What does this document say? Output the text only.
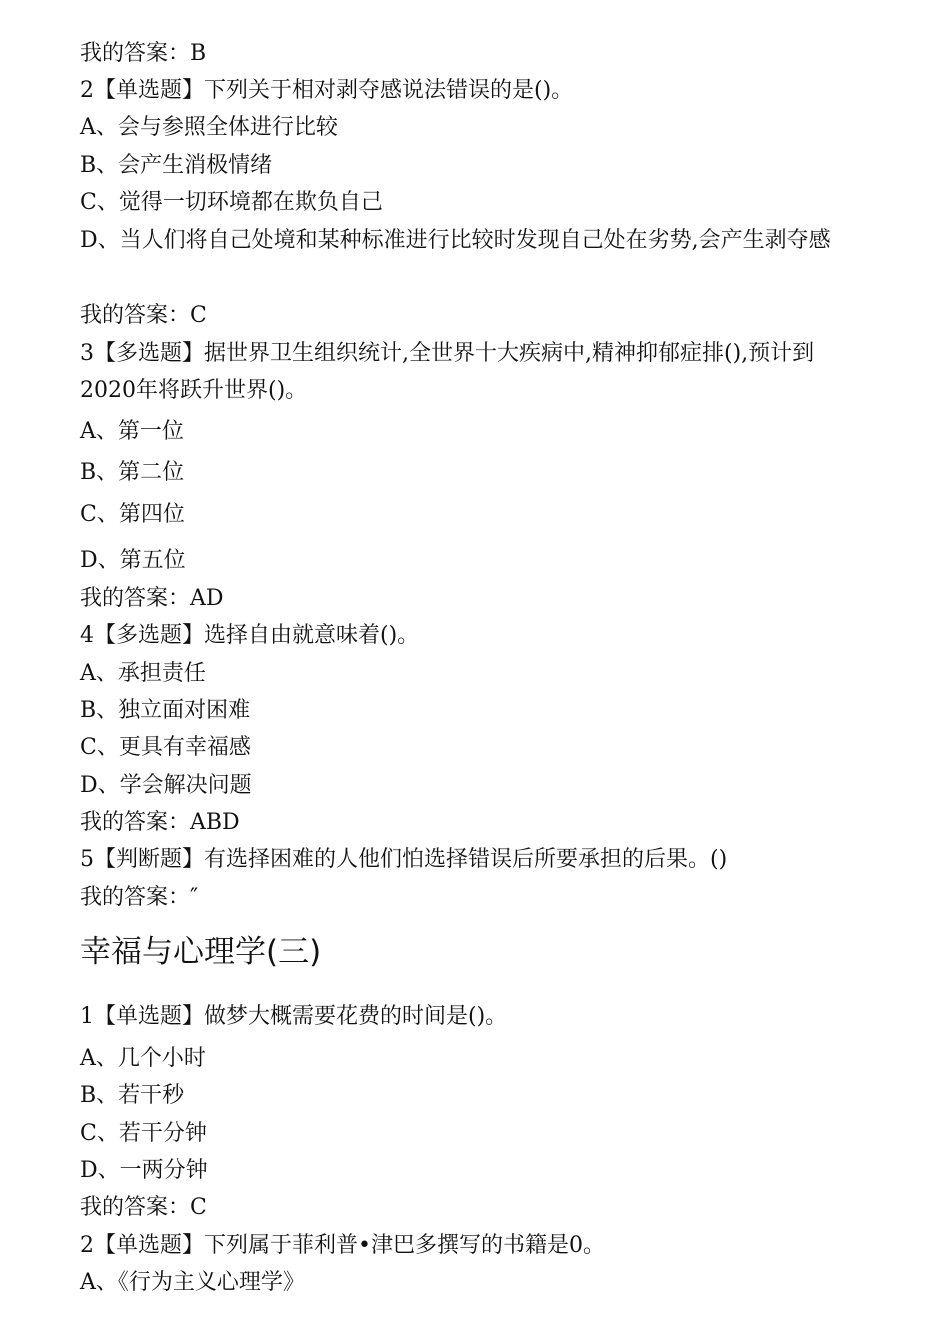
我的答案：B
2【单选题】下列关于相对剥夺感说法错误的是()。
A、会与参照全体进行比较
B、会产生消极情绪
C、觉得一切环境都在欺负自己
D、当人们将自己处境和某种标准进行比较时发现自己处在劣势,会产生剥夺感
我的答案：C
3【多选题】据世界卫生组织统计,全世界十大疾病中,精神抑郁症排(),预计到2020年将跃升世界()。
A、第一位
B、第二位
C、第四位
D、第五位
我的答案：AD
4【多选题】选择自由就意味着()。
A、承担责任
B、独立面对困难
C、更具有幸福感
D、学会解决问题
我的答案：ABD
5【判断题】有选择困难的人他们怕选择错误后所要承担的后果。()
我的答案：″
幸福与心理学(三)
1【单选题】做梦大概需要花费的时间是()。
A、几个小时
B、若干秒
C、若干分钟
D、一两分钟
我的答案：C
2【单选题】下列属于菲利普•津巴多撰写的书籍是0。
A、《行为主义心理学》
